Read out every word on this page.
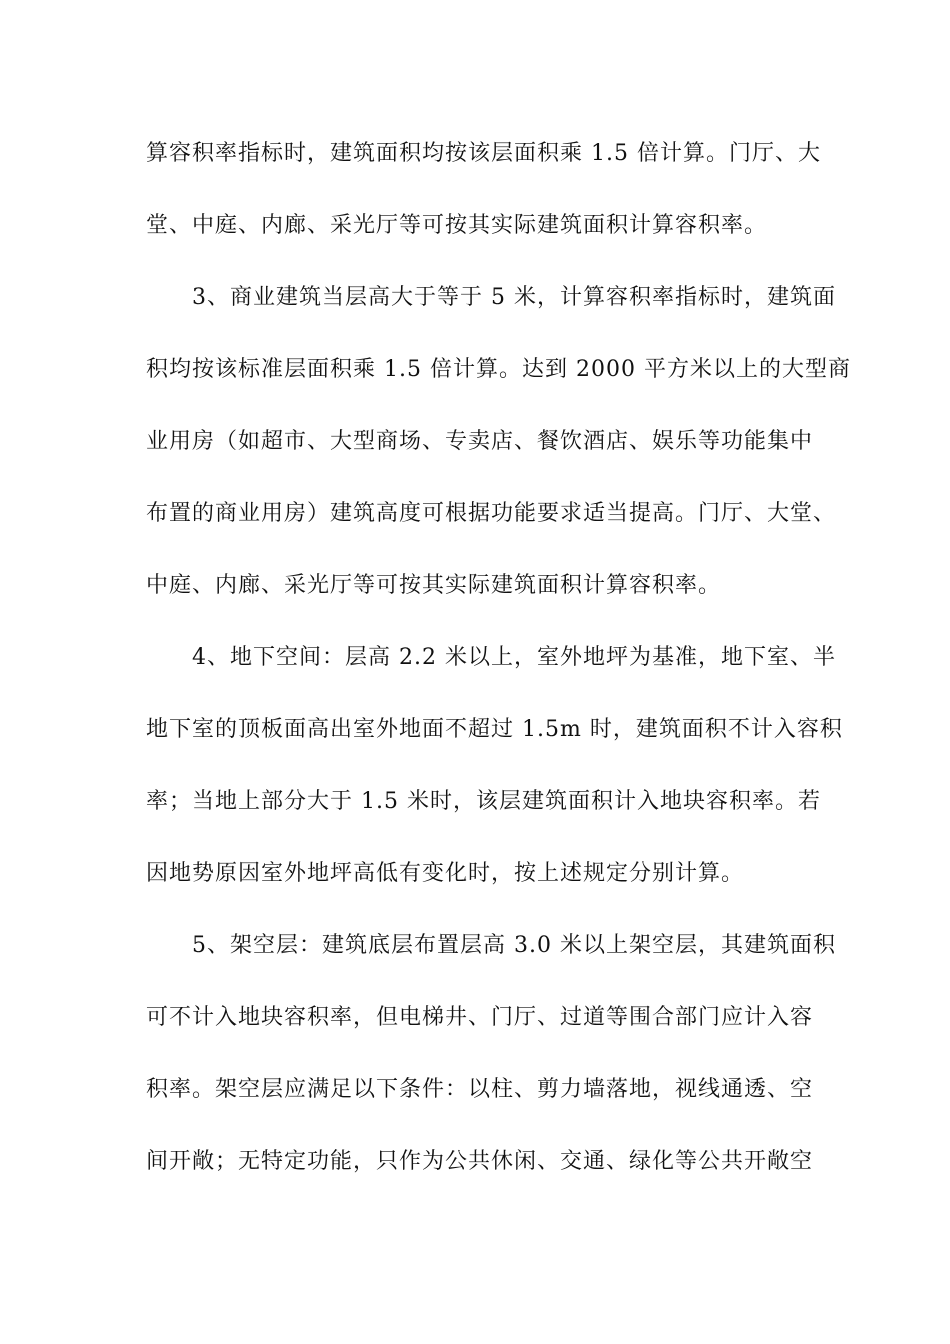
算容积率指标时，建筑面积均按该层面积乘 1.5 倍计算。门厅、大
堂、中庭、内廊、采光厅等可按其实际建筑面积计算容积率。
3、商业建筑当层高大于等于 5 米，计算容积率指标时，建筑面
积均按该标准层面积乘 1.5 倍计算。达到 2000 平方米以上的大型商
业用房（如超市、大型商场、专卖店、餐饮酒店、娱乐等功能集中
布置的商业用房）建筑高度可根据功能要求适当提高。门厅、大堂、
中庭、内廊、采光厅等可按其实际建筑面积计算容积率。
4、地下空间：层高 2.2 米以上，室外地坪为基准，地下室、半
地下室的顶板面高出室外地面不超过 1.5m 时，建筑面积不计入容积
率；当地上部分大于 1.5 米时，该层建筑面积计入地块容积率。若
因地势原因室外地坪高低有变化时，按上述规定分别计算。
5、架空层：建筑底层布置层高 3.0 米以上架空层，其建筑面积
可不计入地块容积率，但电梯井、门厅、过道等围合部门应计入容
积率。架空层应满足以下条件：以柱、剪力墙落地，视线通透、空
间开敞；无特定功能，只作为公共休闲、交通、绿化等公共开敞空
